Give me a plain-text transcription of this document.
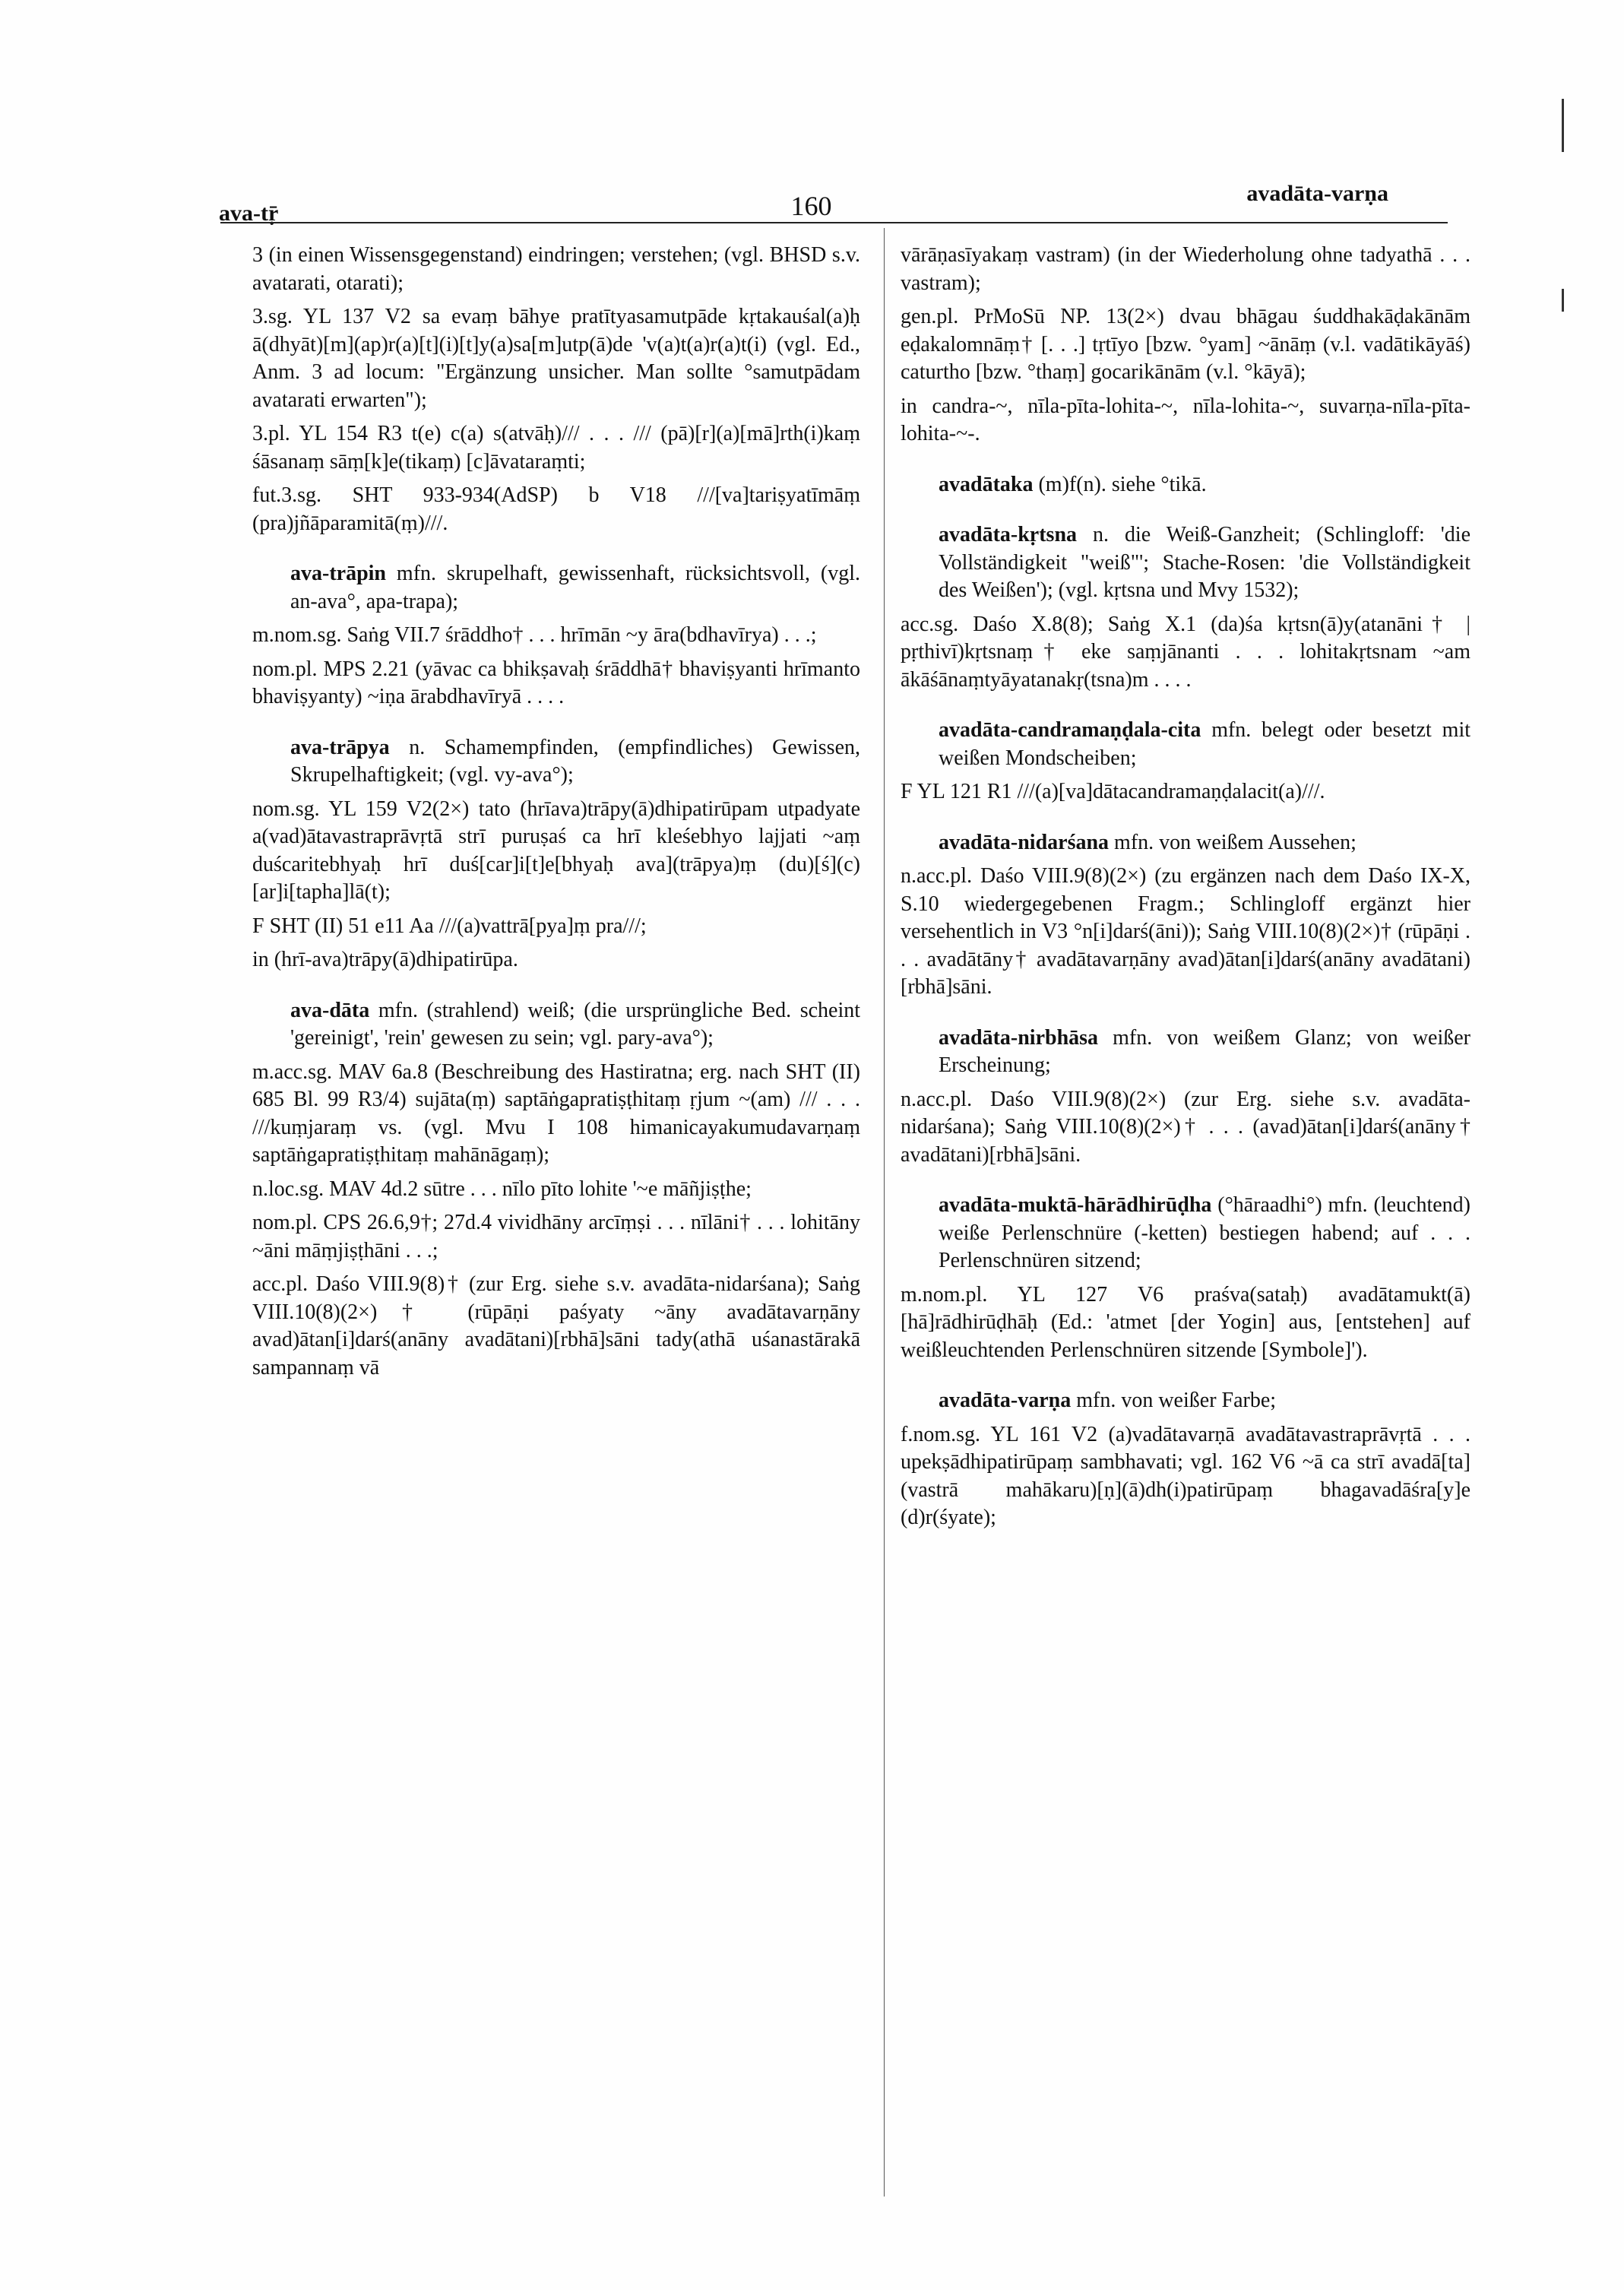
ava-tṝ	160	avadāta-varṇa

3 (in einen Wissensgegenstand) eindringen; verstehen; (vgl. BHSD s.v. avatarati, otarati);

3.sg. YL 137 V2 sa evaṃ bāhye pratītyasamutpāde kṛtakauśal(a)ḥ ā(dhyāt)[m](ap)r(a)[t](i)[t]y(a)sa[m]utp(ā)de 'v(a)t(a)r(a)t(i) (vgl. Ed., Anm. 3 ad locum: "Ergänzung unsicher. Man sollte °samutpādam avatarati erwarten");

3.pl. YL 154 R3 t(e) c(a) s(atvāḥ)/// . . . /// (pā)[r](a)[mā]rth(i)kaṃ śāsanaṃ sāṃ[k]e(tikaṃ) [c]āvataraṃti;

fut.3.sg. SHT 933-934(AdSP) b V18 ///[va]tariṣyatīmāṃ (pra)jñāparamitā(ṃ)///.

ava-trāpin mfn. skrupelhaft, gewissenhaft, rücksichtsvoll, (vgl. an-ava°, apa-trapa);

m.nom.sg. Saṅg VII.7 śrāddho† . . . hrīmān ~y āra(bdhavīrya) . . .;

nom.pl. MPS 2.21 (yāvac ca bhikṣavaḥ śrāddhā† bhaviṣyanti hrīmanto bhaviṣyanty) ~iṇa ārabdhavīryā . . . .

ava-trāpya n. Schamempfinden, (empfindliches) Gewissen, Skrupelhaftigkeit; (vgl. vy-ava°);

nom.sg. YL 159 V2(2×) tato (hrīava)trāpy(ā)dhipatirūpam utpadyate a(vad)ātavastraprāvṛtā strī puruṣaś ca hrī kleśebhyo lajjati ~aṃ duścaritebhyaḥ hrī duś[car]i[t]e[bhyaḥ ava](trāpya)ṃ (du)[ś](c)[ar]i[tapha]lā(t);

F SHT (II) 51 e11 Aa ///(a)vattrā[pya]ṃ pra///;

in (hrī-ava)trāpy(ā)dhipatirūpa.

ava-dāta mfn. (strahlend) weiß; (die ursprüngliche Bed. scheint 'gereinigt', 'rein' gewesen zu sein; vgl. pary-ava°);

m.acc.sg. MAV 6a.8 (Beschreibung des Hastiratna; erg. nach SHT (II) 685 Bl. 99 R3/4) sujāta(ṃ) saptāṅgapratiṣṭhitaṃ ṛjum ~(am) /// . . . ///kuṃjaraṃ vs. (vgl. Mvu I 108 himanicayakumudavarṇaṃ saptāṅgapratiṣṭhitaṃ mahānāgaṃ);

n.loc.sg. MAV 4d.2 sūtre . . . nīlo pīto lohite '~e māñjiṣṭhe;

nom.pl. CPS 26.6,9†; 27d.4 vividhāny arcīṃṣi . . . nīlāni† . . . lohitāny ~āni māṃjiṣṭhāni . . .;

acc.pl. Daśo VIII.9(8)† (zur Erg. siehe s.v. avadāta-nidarśana); Saṅg VIII.10(8)(2×)† (rūpāṇi paśyaty ~āny avadātavarṇāny avad)ātan[i]darś(anāny avadātani)[rbhā]sāni tady(athā uśanastārakā sampannaṃ vā

vārāṇasīyakaṃ vastram) (in der Wiederholung ohne tadyathā . . . vastram);

gen.pl. PrMoSū NP. 13(2×) dvau bhāgau śuddhakāḍakānām eḍakalomnāṃ† [. . .] tṛtīyo [bzw. °yam] ~ānāṃ (v.l. vadātikāyāś) caturtho [bzw. °thaṃ] gocarikānām (v.l. °kāyā);

in candra-~, nīla-pīta-lohita-~, nīla-lohita-~, suvarṇa-nīla-pīta-lohita-~-.

avadātaka (m)f(n). siehe °tikā.

avadāta-kṛtsna n. die Weiß-Ganzheit; (Schlingloff: 'die Vollständigkeit "weiß"'; Stache-Rosen: 'die Vollständigkeit des Weißen'); (vgl. kṛtsna und Mvy 1532);

acc.sg. Daśo X.8(8); Saṅg X.1 (da)śa kṛtsn(ā)y(atanāni† | pṛthivī)kṛtsnaṃ† eke saṃjānanti . . . lohitakṛtsnam ~am ākāśānaṃtyāyatanakṛ(tsna)m . . . .

avadāta-candramaṇḍala-cita mfn. belegt oder besetzt mit weißen Mondscheiben;

F YL 121 R1 ///(a)[va]dātacandramaṇḍalacit(a)///.

avadāta-nidarśana mfn. von weißem Aussehen;

n.acc.pl. Daśo VIII.9(8)(2×) (zu ergänzen nach dem Daśo IX-X, S.10 wiedergegebenen Fragm.; Schlingloff ergänzt hier versehentlich in V3 °n[i]darś(āni)); Saṅg VIII.10(8)(2×)† (rūpāṇi . . . avadātāny† avadātavarṇāny avad)ātan[i]darś(anāny avadātani)[rbhā]sāni.

avadāta-nirbhāsa mfn. von weißem Glanz; von weißer Erscheinung;

n.acc.pl. Daśo VIII.9(8)(2×) (zur Erg. siehe s.v. avadāta-nidarśana); Saṅg VIII.10(8)(2×)† . . . (avad)ātan[i]darś(anāny† avadātani)[rbhā]sāni.

avadāta-muktā-hārādhirūḍha (°hāraadhi°) mfn. (leuchtend) weiße Perlenschnüre (-ketten) bestiegen habend; auf . . . Perlenschnüren sitzend;

m.nom.pl. YL 127 V6 praśva(sataḥ) avadātamukt(ā)[hā]rādhirūḍhāḥ (Ed.: 'atmet [der Yogin] aus, [entstehen] auf weißleuchtenden Perlenschnüren sitzende [Symbole]').

avadāta-varṇa mfn. von weißer Farbe;

f.nom.sg. YL 161 V2 (a)vadātavarṇā avadātavastraprāvṛtā . . . upekṣādhipatirūpaṃ sambhavati; vgl. 162 V6 ~ā ca strī avadā[ta](vastrā mahākaru)[ṇ](ā)dh(i)patirūpaṃ bhagavadāśra[y]e (d)r(śyate);
